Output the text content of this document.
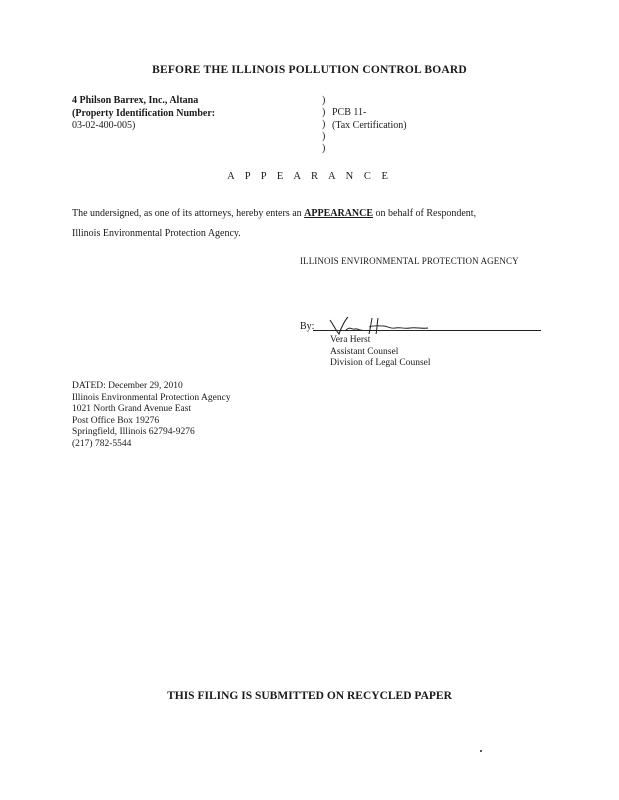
BEFORE THE ILLINOIS POLLUTION CONTROL BOARD
4 Philson Barrex, Inc., Altana
(Property Identification Number:
03-02-400-005)
)
)
)
)
)
PCB 11-
(Tax Certification)
A P P E A R A N C E
The undersigned, as one of its attorneys, hereby enters an APPEARANCE on behalf of Respondent,
Illinois Environmental Protection Agency.
ILLINOIS ENVIRONMENTAL PROTECTION AGENCY
By:
Vera Herst
Assistant Counsel
Division of Legal Counsel
DATED: December 29, 2010
Illinois Environmental Protection Agency
1021 North Grand Avenue East
Post Office Box 19276
Springfield, Illinois 62794-9276
(217) 782-5544
THIS FILING IS SUBMITTED ON RECYCLED PAPER
